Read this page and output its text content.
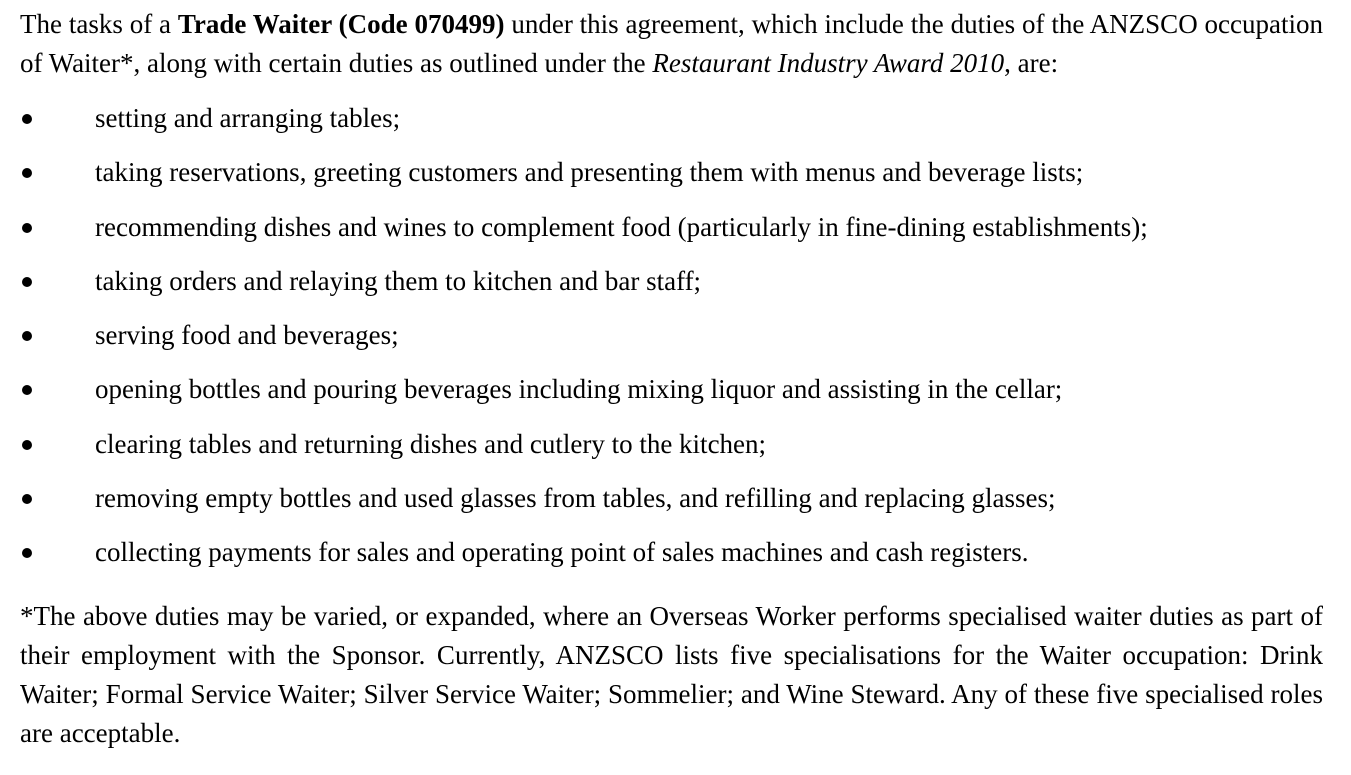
The tasks of a Trade Waiter (Code 070499) under this agreement, which include the duties of the ANZSCO occupation of Waiter*, along with certain duties as outlined under the Restaurant Industry Award 2010, are:

setting and arranging tables;
taking reservations, greeting customers and presenting them with menus and beverage lists;
recommending dishes and wines to complement food (particularly in fine-dining establishments);
taking orders and relaying them to kitchen and bar staff;
serving food and beverages;
opening bottles and pouring beverages including mixing liquor and assisting in the cellar;
clearing tables and returning dishes and cutlery to the kitchen;
removing empty bottles and used glasses from tables, and refilling and replacing glasses;
collecting payments for sales and operating point of sales machines and cash registers.

*The above duties may be varied, or expanded, where an Overseas Worker performs specialised waiter duties as part of their employment with the Sponsor. Currently, ANZSCO lists five specialisations for the Waiter occupation: Drink Waiter; Formal Service Waiter; Silver Service Waiter; Sommelier; and Wine Steward. Any of these five specialised roles are acceptable.
